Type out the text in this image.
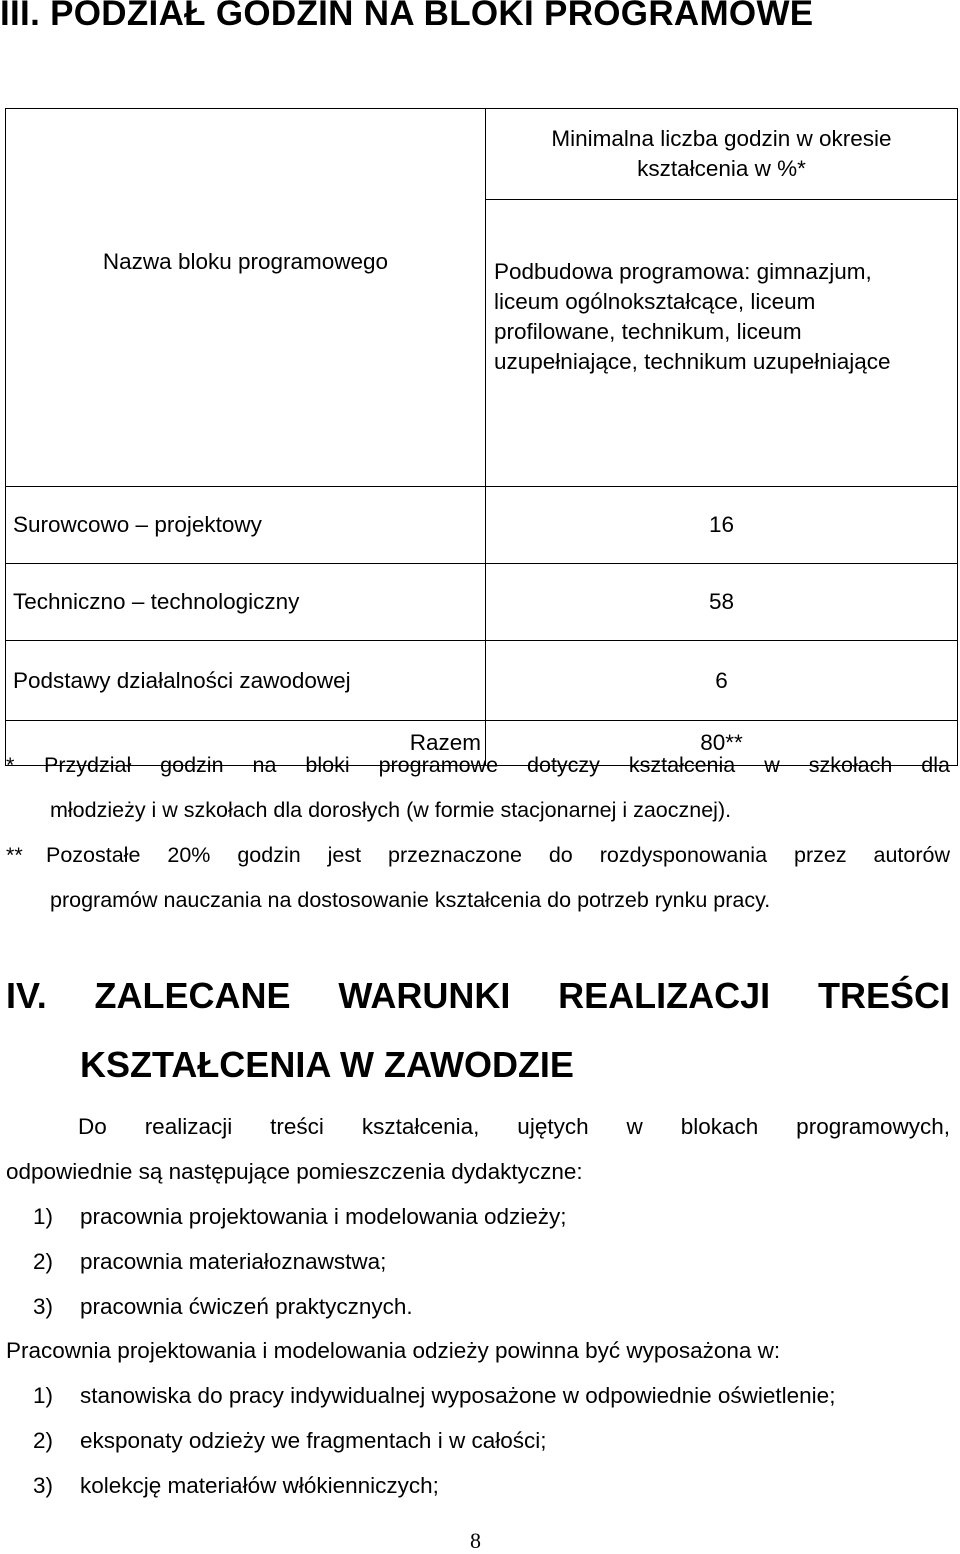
III. PODZIAŁ GODZIN NA BLOKI PROGRAMOWE

	Minimalna liczba godzin w okresie
kształcenia w %*

Nazwa bloku programowego	Podbudowa programowa: gimnazjum,
liceum ogólnokształcące, liceum
profilowane, technikum, liceum
uzupełniające, technikum uzupełniające

Surowcowo – projektowy	16
Techniczno – technologiczny	58
Podstawy działalności zawodowej	6
Razem	80**
* Przydział godzin na bloki programowe dotyczy kształcenia w szkołach dla
młodzieży i w szkołach dla dorosłych (w formie stacjonarnej i zaocznej).
** Pozostałe 20% godzin jest przeznaczone do rozdysponowania przez autorów
programów nauczania na dostosowanie kształcenia do potrzeb rynku pracy.
IV. ZALECANE WARUNKI REALIZACJI TREŚCI
KSZTAŁCENIA W ZAWODZIE
Do realizacji treści kształcenia, ujętych w blokach programowych,
odpowiednie są następujące pomieszczenia dydaktyczne:
1) pracownia projektowania i modelowania odzieży;
2) pracownia materiałoznawstwa;
3) pracownia ćwiczeń praktycznych.
Pracownia projektowania i modelowania odzieży powinna być wyposażona w:
1) stanowiska do pracy indywidualnej wyposażone w odpowiednie oświetlenie;
2) eksponaty odzieży we fragmentach i w całości;
3) kolekcję materiałów włókienniczych;
8
